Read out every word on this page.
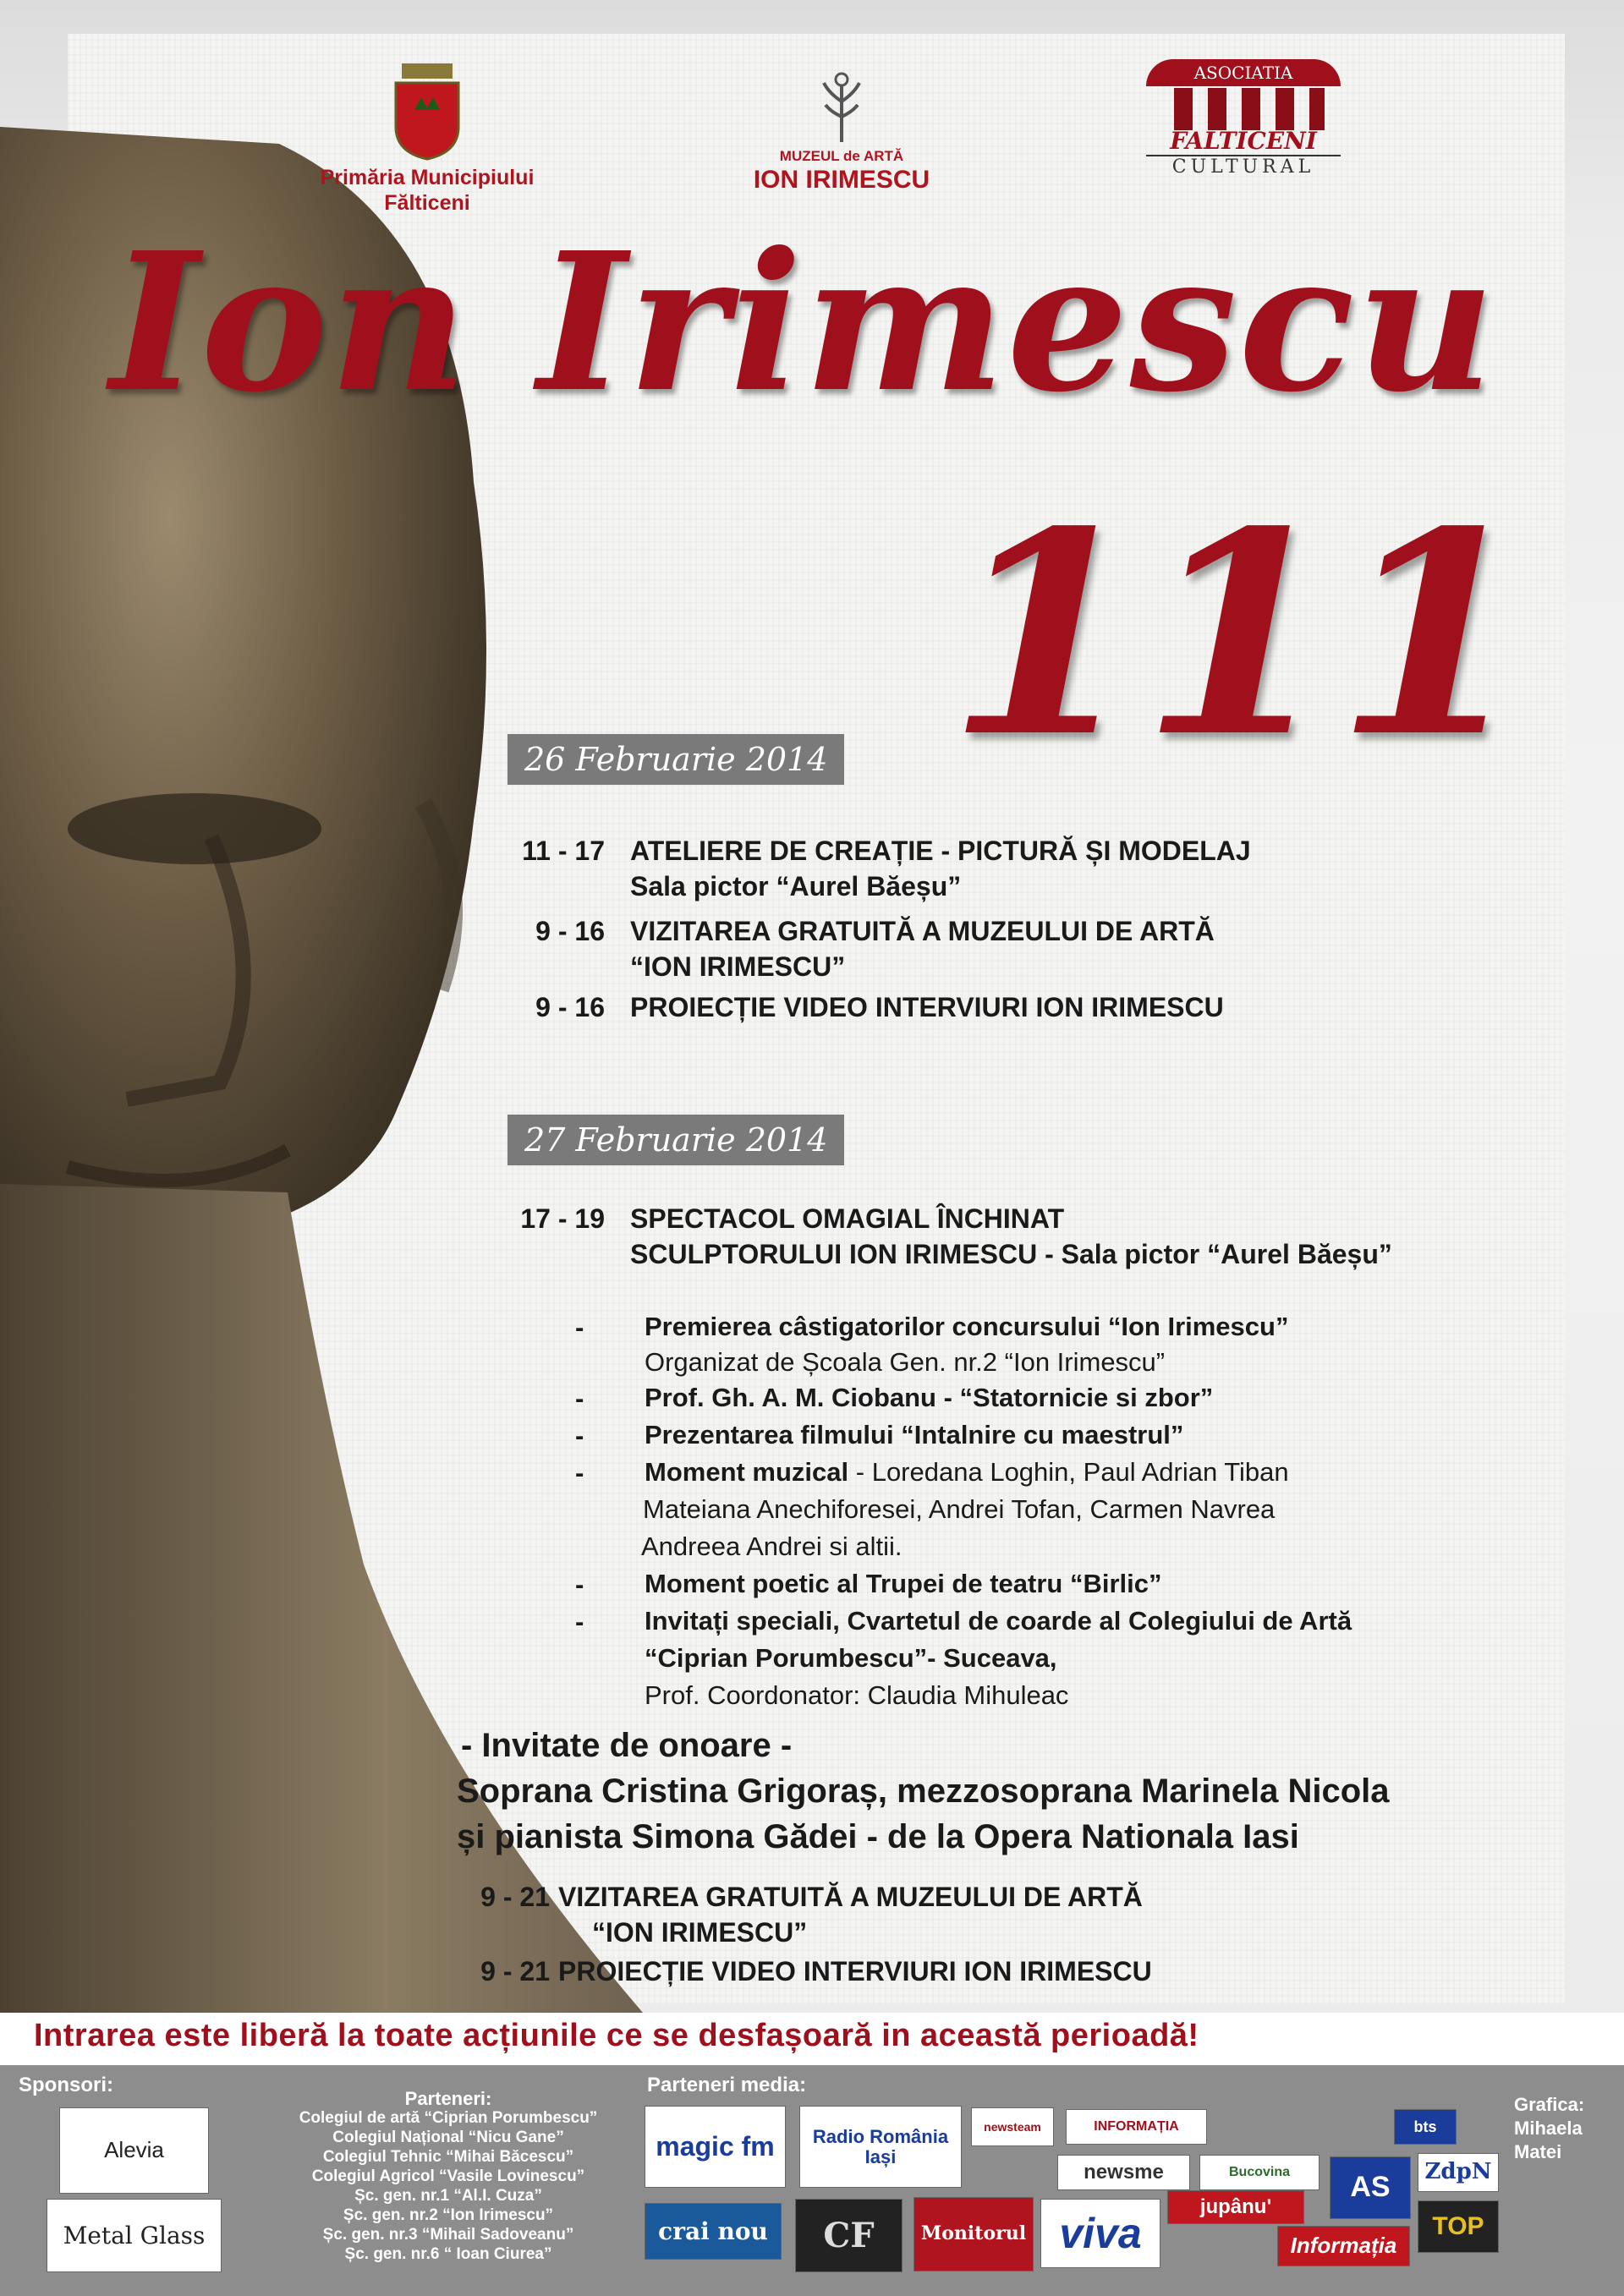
Primăria Municipiului
Fălticeni
MUZEUL de ARTĂ
ION IRIMESCU
ASOCIATIA
FALTICENI
CULTURAL
Ion Irimescu
111
26 Februarie 2014
11 - 17 ATELIERE DE CREAȚIE - PICTURĂ ȘI MODELAJ
Sala pictor “Aurel Băeșu”
9 - 16 VIZITAREA GRATUITĂ A MUZEULUI DE ARTĂ
“ION IRIMESCU”
9 - 16 PROIECȚIE VIDEO INTERVIURI ION IRIMESCU
27 Februarie 2014
17 - 19 SPECTACOL OMAGIAL ÎNCHINAT
SCULPTORULUI ION IRIMESCU - Sala pictor “Aurel Băeșu”
- Premierea câstigatorilor concursului “Ion Irimescu”
Organizat de Școala Gen. nr.2 “Ion Irimescu”
- Prof. Gh. A. M. Ciobanu - “Statornicie si zbor”
- Prezentarea filmului “Intalnire cu maestrul”
- Moment muzical - Loredana Loghin, Paul Adrian Tiban
Mateiana Anechiforesei, Andrei Tofan, Carmen Navrea
Andreea Andrei si altii.
- Moment poetic al Trupei de teatru “Birlic”
- Invitați speciali, Cvartetul de coarde al Colegiului de Artă
“Ciprian Porumbescu”- Suceava,
Prof. Coordonator: Claudia Mihuleac
- Invitate de onoare -
Soprana Cristina Grigoraș, mezzosoprana Marinela Nicola
și pianista Simona Gădei - de la Opera Nationala Iasi
9 - 21 VIZITAREA GRATUITĂ A MUZEULUI DE ARTĂ
“ION IRIMESCU”
9 - 21 PROIECȚIE VIDEO INTERVIURI ION IRIMESCU
Intrarea este liberă la toate acțiunile ce se desfașoară in această perioadă!
Sponsori:
Alevia
Metal Glass
Parteneri:
Colegiul de artă “Ciprian Porumbescu”
Colegiul Național “Nicu Gane”
Colegiul Tehnic “Mihai Băcescu”
Colegiul Agricol “Vasile Lovinescu”
Șc. gen. nr.1 “Al.I. Cuza”
Șc. gen. nr.2 “Ion Irimescu”
Șc. gen. nr.3 “Mihail Sadoveanu”
Șc. gen. nr.6 “ Ioan Ciurea”
Parteneri media:
magic fm	Radio România Iași
newsteam	INFORMAȚIA
Bucovina
bts
newsme	ZdpN
AS
TOP
crai nou	CF	Monitorul viva
jupânu'
Informația
Grafica:
Mihaela
Matei
